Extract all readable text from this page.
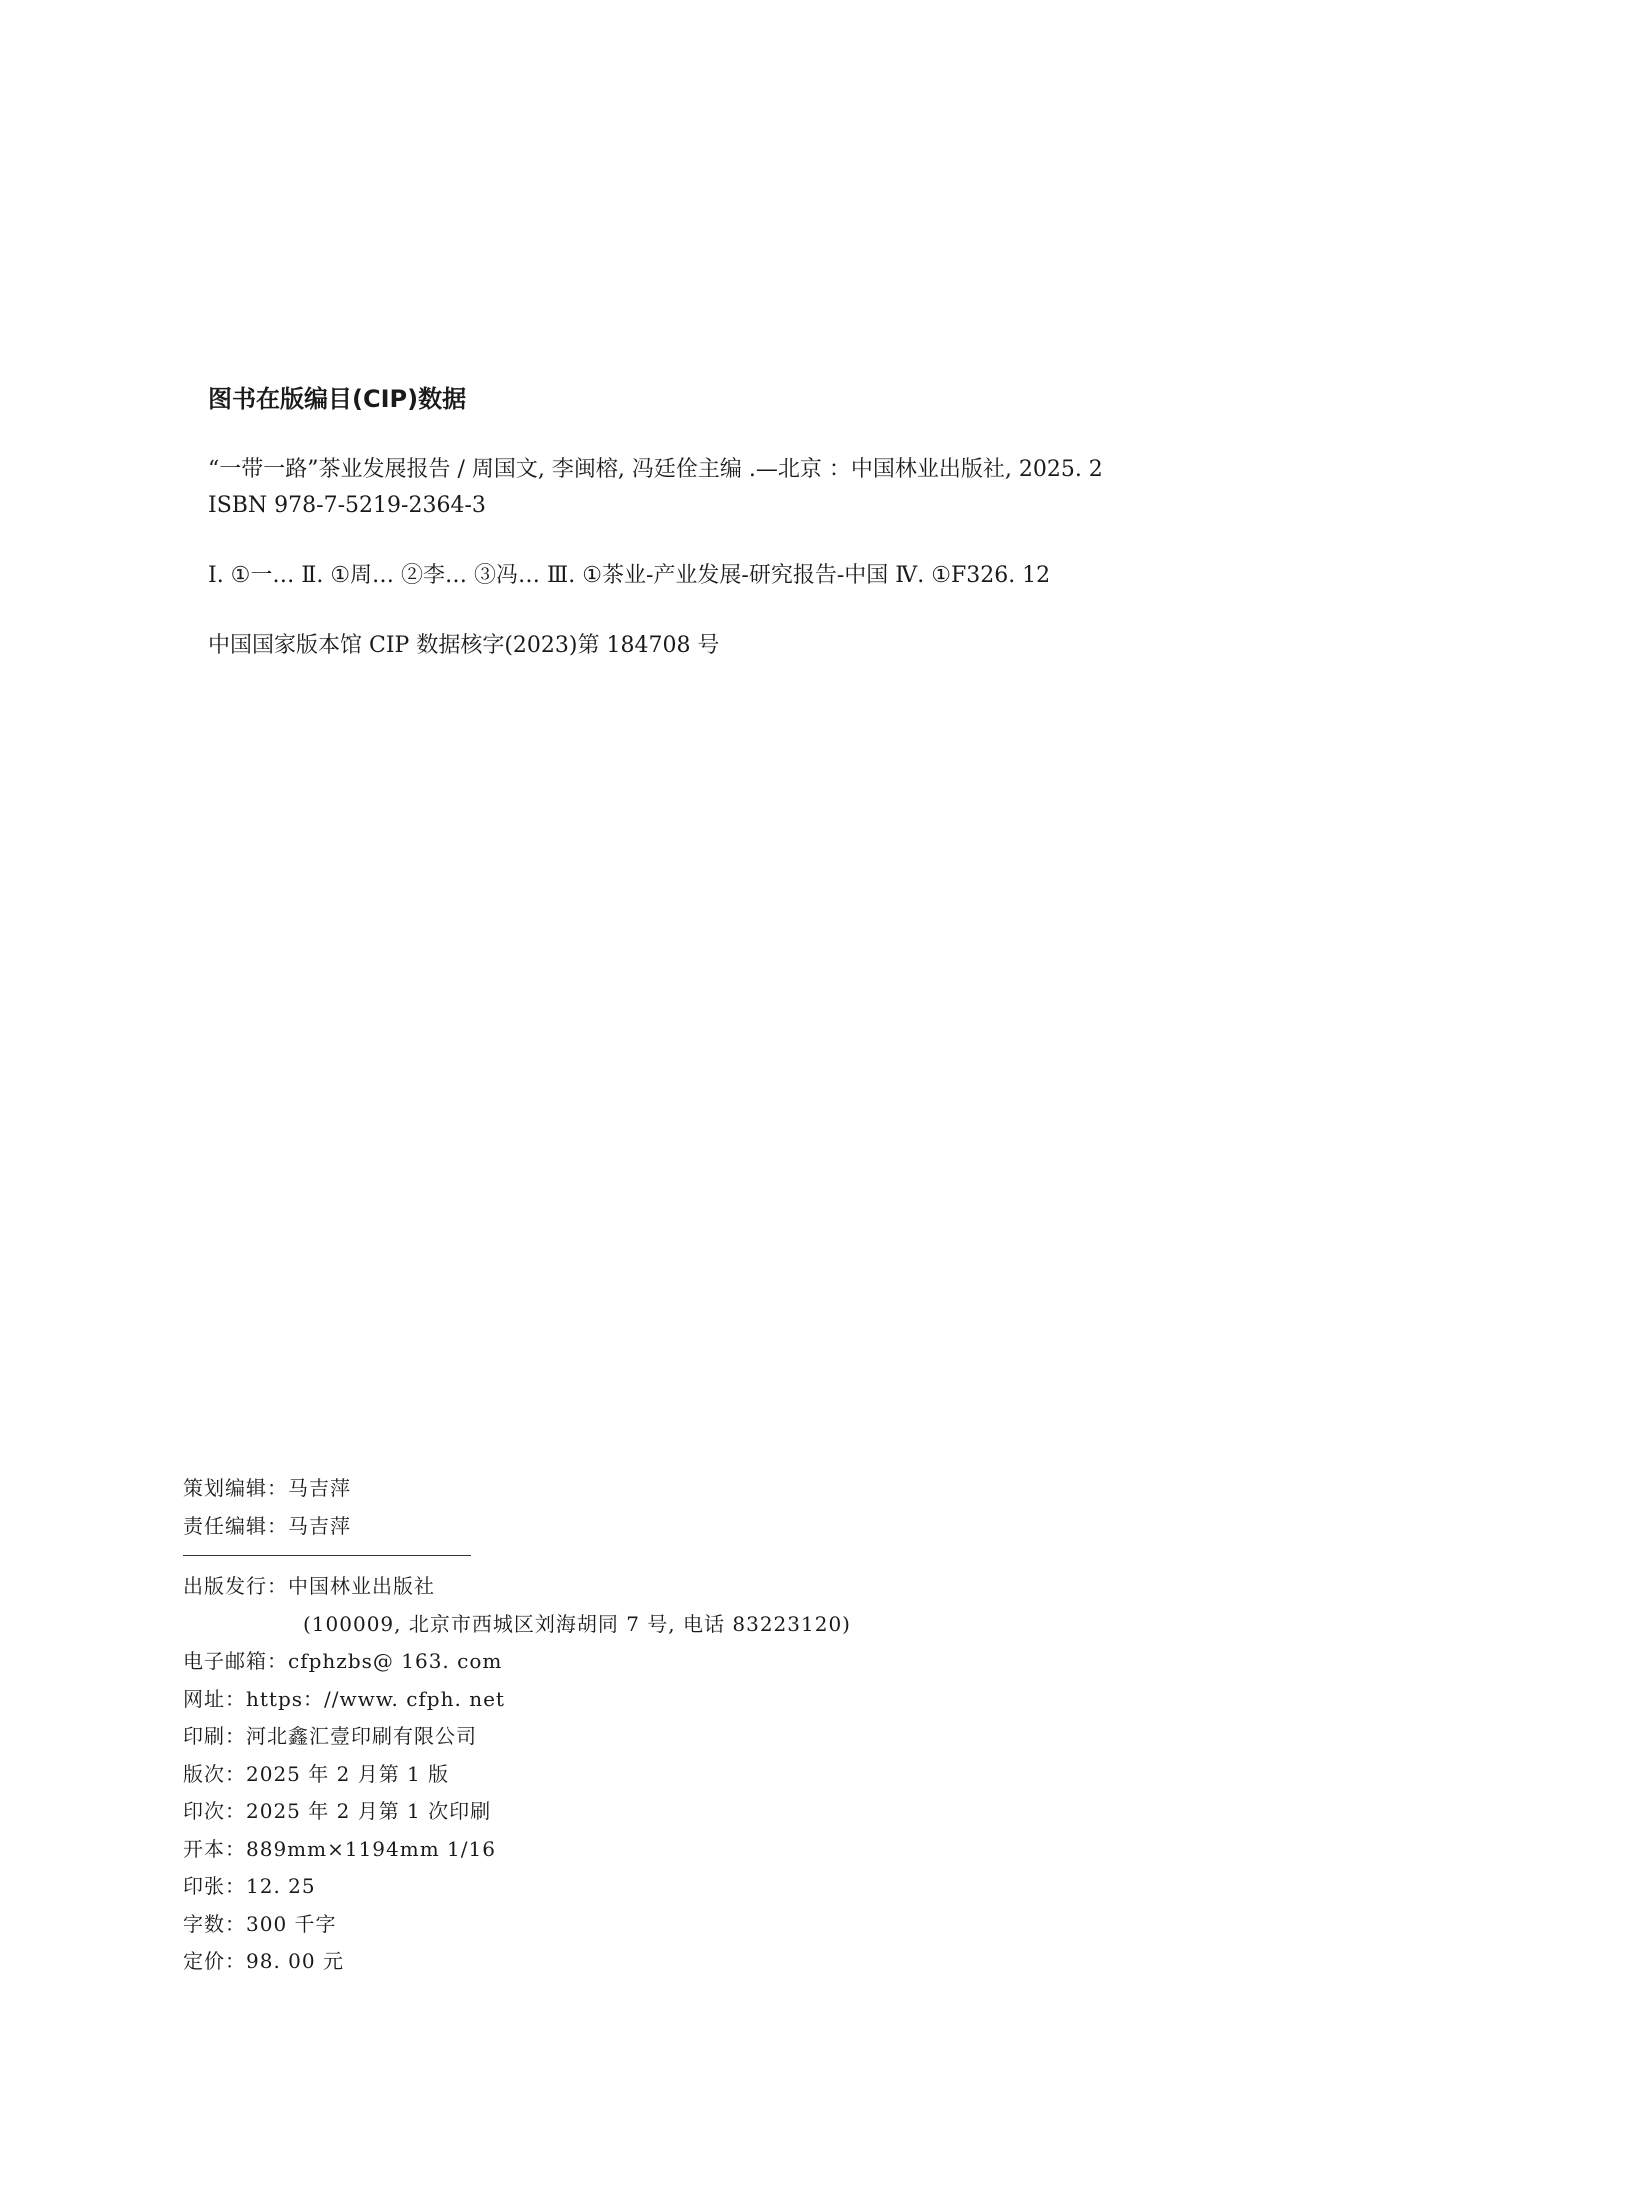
图书在版编目(CIP)数据
“一带一路”茶业发展报告 / 周国文, 李闽榕, 冯廷佺主编 .—北京 ：中国林业出版社, 2025. 2
ISBN 978-7-5219-2364-3
Ⅰ. ①一… Ⅱ. ①周… ②李… ③冯… Ⅲ. ①茶业-产业发展-研究报告-中国 Ⅳ. ①F326. 12
中国国家版本馆 CIP 数据核字(2023)第 184708 号
策划编辑：马吉萍
责任编辑：马吉萍
出版发行：中国林业出版社
(100009, 北京市西城区刘海胡同 7 号, 电话 83223120)
电子邮箱：cfphzbs@ 163. com
网址：https：//www. cfph. net
印刷：河北鑫汇壹印刷有限公司
版次：2025 年 2 月第 1 版
印次：2025 年 2 月第 1 次印刷
开本：889mm×1194mm 1/16
印张：12. 25
字数：300 千字
定价：98. 00 元
